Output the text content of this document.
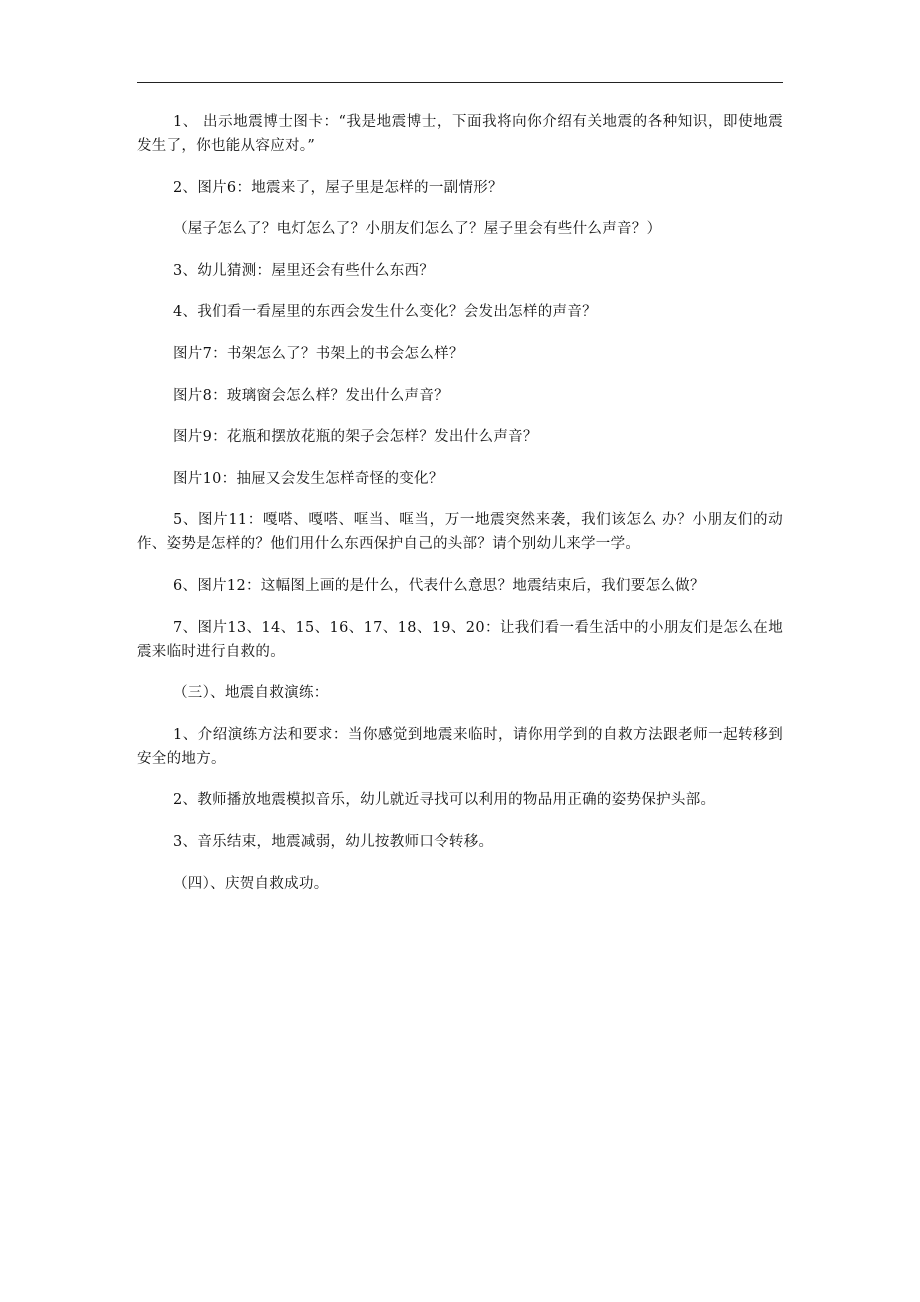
1、 出示地震博士图卡：“我是地震博士，下面我将向你介绍有关地震的各种知识，即使地震发生了，你也能从容应对。”

2、图片6：地震来了，屋子里是怎样的一副情形？

（屋子怎么了？电灯怎么了？小朋友们怎么了？屋子里会有些什么声音？）

3、幼儿猜测：屋里还会有些什么东西？

4、我们看一看屋里的东西会发生什么变化？会发出怎样的声音？

图片7：书架怎么了？书架上的书会怎么样？

图片8：玻璃窗会怎么样？发出什么声音？

图片9：花瓶和摆放花瓶的架子会怎样？发出什么声音？

图片10：抽屉又会发生怎样奇怪的变化？

5、图片11：嘎嗒、嘎嗒、哐当、哐当，万一地震突然来袭，我们该怎么 办？小朋友们的动作、姿势是怎样的？他们用什么东西保护自己的头部？请个别幼儿来学一学。

6、图片12：这幅图上画的是什么，代表什么意思？地震结束后，我们要怎么做？

7、图片13、14、15、16、17、18、19、20：让我们看一看生活中的小朋友们是怎么在地震来临时进行自救的。

（三）、地震自救演练：

1、介绍演练方法和要求：当你感觉到地震来临时，请你用学到的自救方法跟老师一起转移到安全的地方。

2、教师播放地震模拟音乐，幼儿就近寻找可以利用的物品用正确的姿势保护头部。

3、音乐结束，地震减弱，幼儿按教师口令转移。

（四）、庆贺自救成功。
